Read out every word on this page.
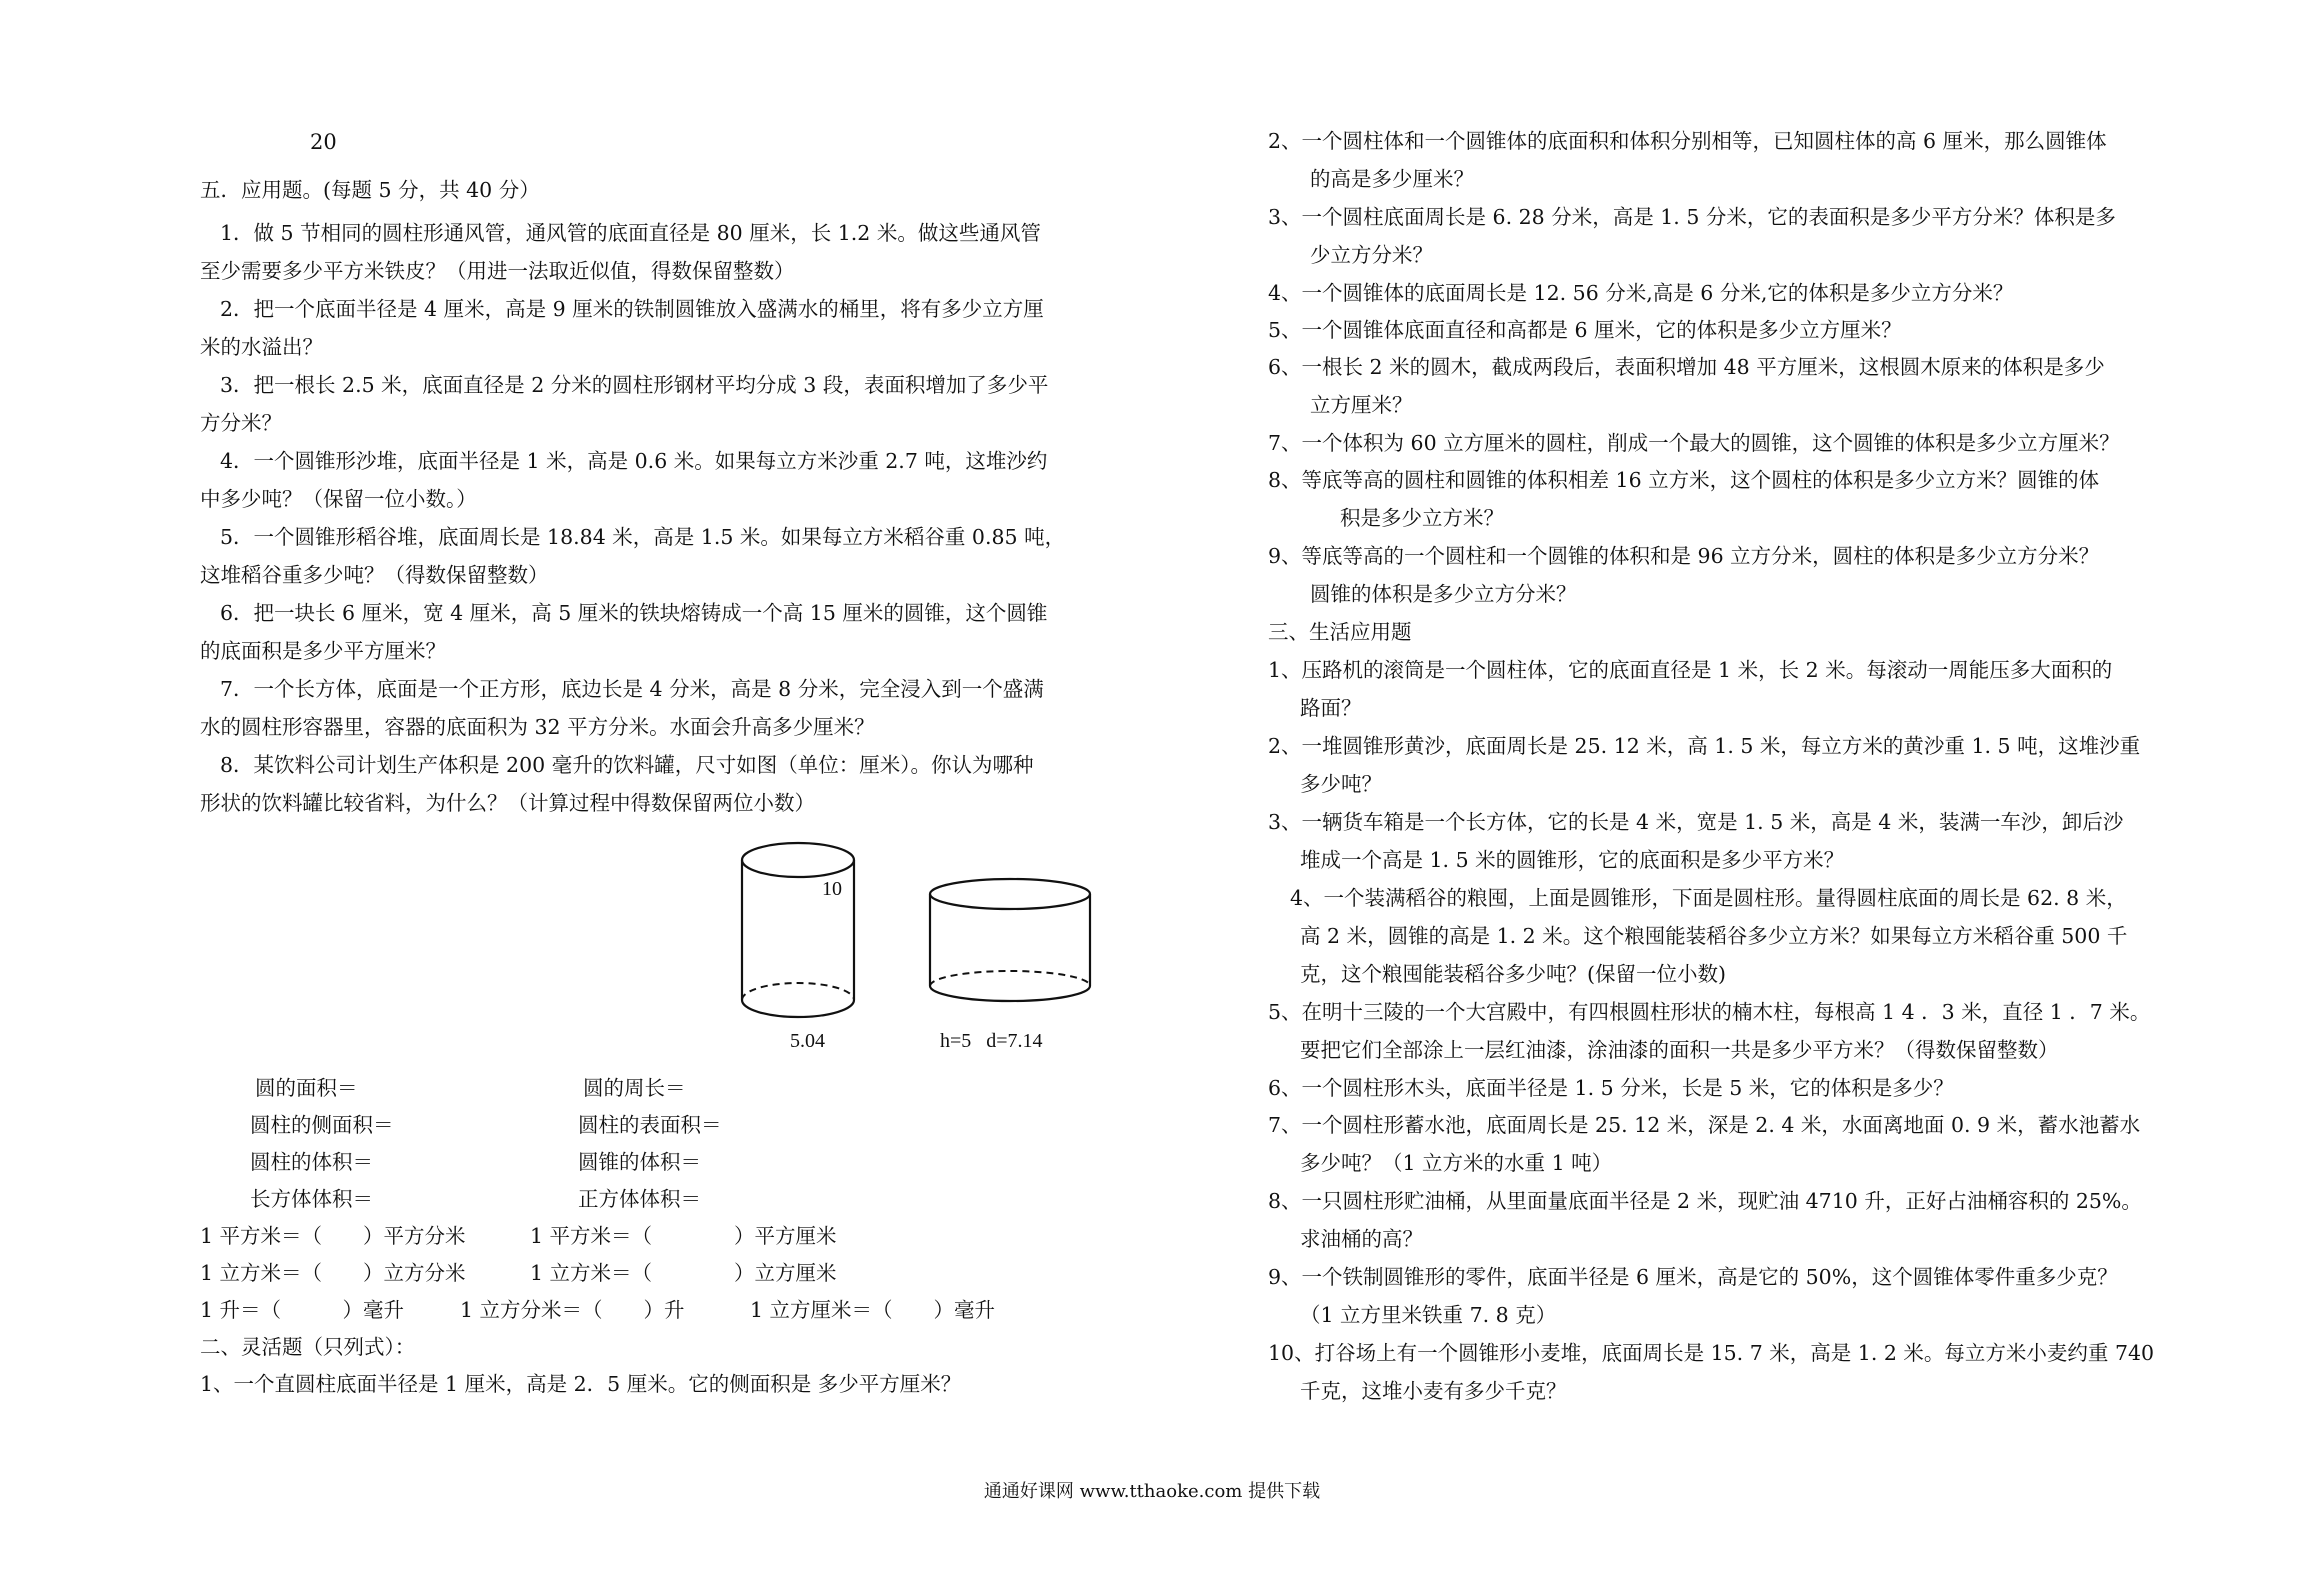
20
五．应用题。(每题 5 分，共 40 分）
1．做 5 节相同的圆柱形通风管，通风管的底面直径是 80 厘米，长 1.2 米。做这些通风管
至少需要多少平方米铁皮？（用进一法取近似值，得数保留整数）
2．把一个底面半径是 4 厘米，高是 9 厘米的铁制圆锥放入盛满水的桶里，将有多少立方厘
米的水溢出？
3．把一根长 2.5 米，底面直径是 2 分米的圆柱形钢材平均分成 3 段，表面积增加了多少平
方分米？
4．一个圆锥形沙堆，底面半径是 1 米，高是 0.6 米。如果每立方米沙重 2.7 吨，这堆沙约
中多少吨？（保留一位小数。）
5．一个圆锥形稻谷堆，底面周长是 18.84 米，高是 1.5 米。如果每立方米稻谷重 0.85 吨，
这堆稻谷重多少吨？（得数保留整数）
6．把一块长 6 厘米，宽 4 厘米，高 5 厘米的铁块熔铸成一个高 15 厘米的圆锥，这个圆锥
的底面积是多少平方厘米？
7．一个长方体，底面是一个正方形，底边长是 4 分米，高是 8 分米，完全浸入到一个盛满
水的圆柱形容器里，容器的底面积为 32 平方分米。水面会升高多少厘米？
8．某饮料公司计划生产体积是 200 毫升的饮料罐，尺寸如图（单位：厘米）。你认为哪种
形状的饮料罐比较省料，为什么？（计算过程中得数保留两位小数）
10
5.04	h=5   d=7.14
圆的面积＝	圆的周长＝
圆柱的侧面积＝	圆柱的表面积＝
圆柱的体积＝	圆锥的体积＝
长方体体积＝	正方体体积＝
1 平方米＝（　　）平方分米	1 平方米＝（　　　　）平方厘米
1 立方米＝（　　）立方分米	1 立方米＝（　　　　）立方厘米
1 升＝（　　　）毫升	1 立方分米＝（　　）升	1 立方厘米＝（　　）毫升
二、灵活题（只列式）：
1、一个直圆柱底面半径是 1 厘米，高是 2．5 厘米。它的侧面积是 多少平方厘米？
2、一个圆柱体和一个圆锥体的底面积和体积分别相等，已知圆柱体的高 6 厘米，那么圆锥体
的高是多少厘米？
3、一个圆柱底面周长是 6. 28 分米，高是 1. 5 分米，它的表面积是多少平方分米？体积是多
少立方分米？
4、一个圆锥体的底面周长是 12. 56 分米,高是 6 分米,它的体积是多少立方分米？
5、一个圆锥体底面直径和高都是 6 厘米，它的体积是多少立方厘米？
6、一根长 2 米的圆木，截成两段后，表面积增加 48 平方厘米，这根圆木原来的体积是多少
立方厘米？
7、一个体积为 60 立方厘米的圆柱，削成一个最大的圆锥，这个圆锥的体积是多少立方厘米？
8、等底等高的圆柱和圆锥的体积相差 16 立方米，这个圆柱的体积是多少立方米？圆锥的体
积是多少立方米？
9、等底等高的一个圆柱和一个圆锥的体积和是 96 立方分米，圆柱的体积是多少立方分米？
圆锥的体积是多少立方分米？
三、生活应用题
1、压路机的滚筒是一个圆柱体，它的底面直径是 1 米，长 2 米。每滚动一周能压多大面积的
路面？
2、一堆圆锥形黄沙，底面周长是 25. 12 米，高 1. 5 米，每立方米的黄沙重 1. 5 吨，这堆沙重
多少吨？
3、一辆货车箱是一个长方体，它的长是 4 米，宽是 1. 5 米，高是 4 米，装满一车沙，卸后沙
堆成一个高是 1. 5 米的圆锥形，它的底面积是多少平方米？
4、一个装满稻谷的粮囤，上面是圆锥形，下面是圆柱形。量得圆柱底面的周长是 62. 8 米，
高 2 米，圆锥的高是 1. 2 米。这个粮囤能装稻谷多少立方米？如果每立方米稻谷重 500 千
克，这个粮囤能装稻谷多少吨？(保留一位小数)
5、在明十三陵的一个大宫殿中，有四根圆柱形状的楠木柱，每根高 1 4 ．3 米，直径 1 ．7 米。
要把它们全部涂上一层红油漆，涂油漆的面积一共是多少平方米？（得数保留整数）
6、一个圆柱形木头，底面半径是 1. 5 分米，长是 5 米，它的体积是多少？
7、一个圆柱形蓄水池，底面周长是 25. 12 米，深是 2. 4 米，水面离地面 0. 9 米，蓄水池蓄水
多少吨？（1 立方米的水重 1 吨）
8、一只圆柱形贮油桶，从里面量底面半径是 2 米，现贮油 4710 升，正好占油桶容积的 25%。
求油桶的高？
9、一个铁制圆锥形的零件，底面半径是 6 厘米，高是它的 50%，这个圆锥体零件重多少克？
（1 立方里米铁重 7. 8 克）
10、打谷场上有一个圆锥形小麦堆，底面周长是 15. 7 米，高是 1. 2 米。每立方米小麦约重 740
千克，这堆小麦有多少千克？
通通好课网 www.tthaoke.com 提供下载
